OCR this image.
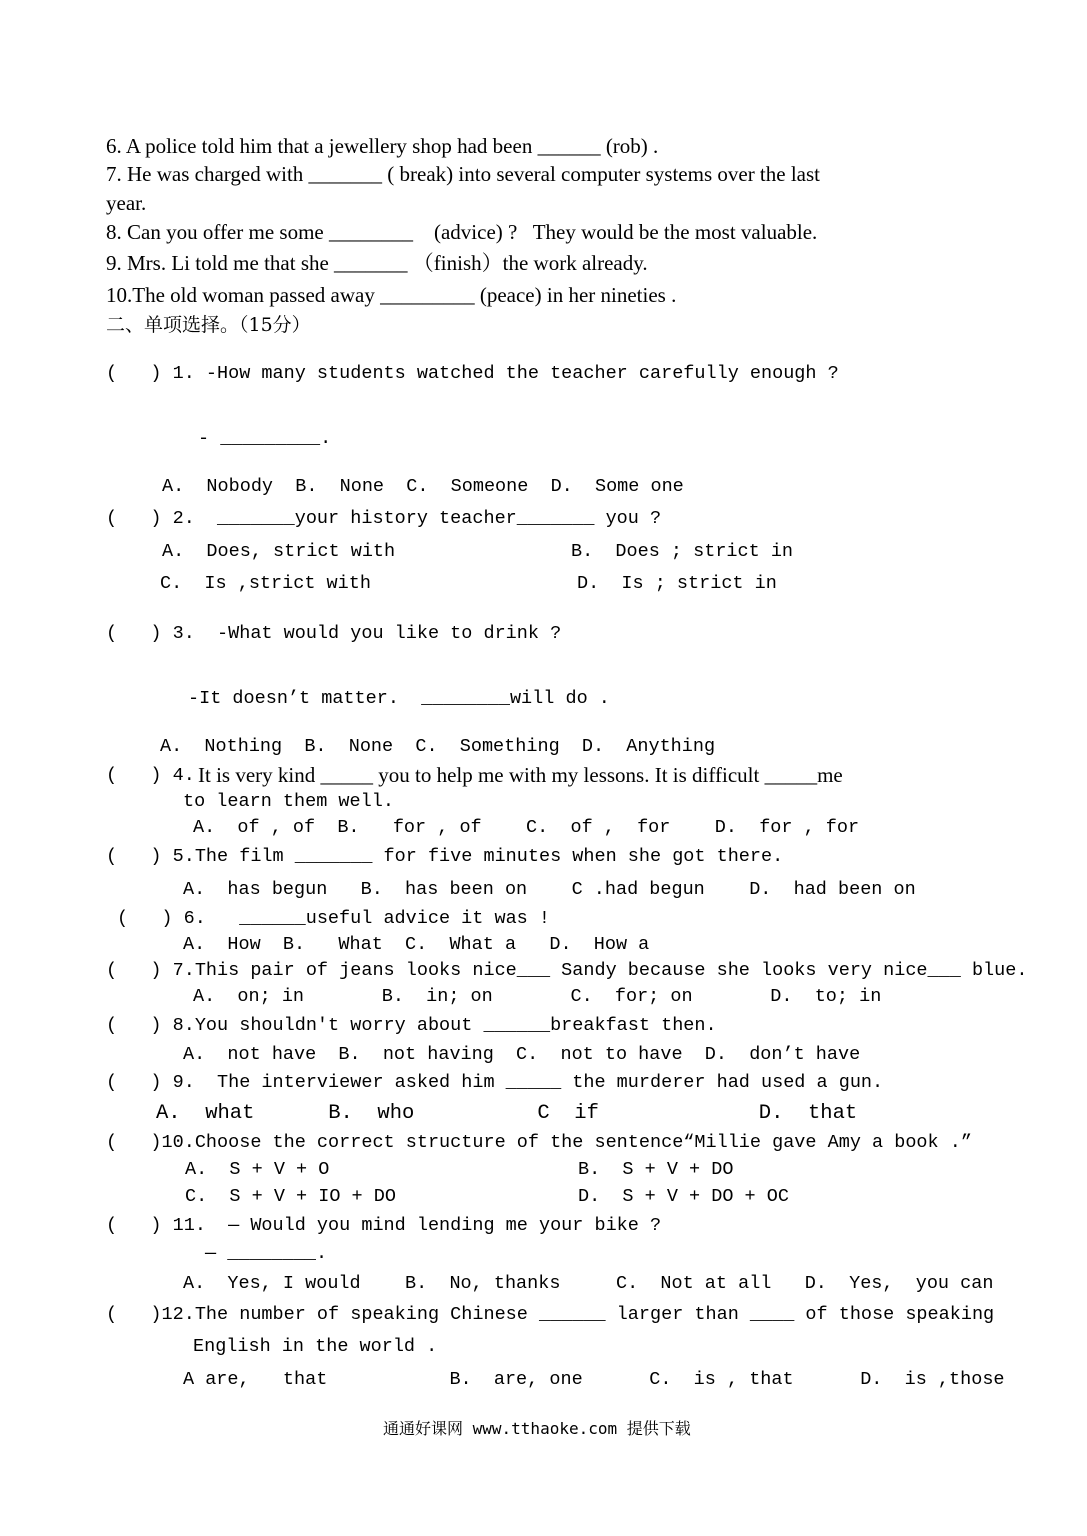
6. A police told him that a jewellery shop had been ______ (rob) .
7. He was charged with _______ ( break) into several computer systems over the last
year.
8. Can you offer me some ________    (advice) ?   They would be the most valuable.
9. Mrs. Li told me that she _______ （finish）the work already.
10.The old woman passed away _________ (peace) in her nineties .
二、单项选择。（15分）
(   ) 1. -How many students watched the teacher carefully enough ?
- _________.
A.  Nobody  B.  None  C.  Someone  D.  Some one
(   ) 2.  _______your history teacher_______ you ?
A.  Does, strict with	B.  Does ; strict in
C.  Is ,strict with	D.  Is ; strict in
(   ) 3.  -What would you like to drink ?
-It doesn’t matter.  ________will do .
A.  Nothing  B.  None  C.  Something  D.  Anything
(   ) 4. It is very kind _____ you to help me with my lessons. It is difficult _____me
to learn them well.
A.  of , of  B.   for , of    C.  of ,  for    D.  for , for
(   ) 5.The film _______ for five minutes when she got there.
A.  has begun   B.  has been on    C .had begun    D.  had been on
(   ) 6.   ______useful advice it was !
A.  How  B.   What  C.  What a   D.  How a
(   ) 7.This pair of jeans looks nice___ Sandy because she looks very nice___ blue.
A.  on; in       B.  in; on       C.  for; on       D.  to; in
(   ) 8.You shouldn't worry about ______breakfast then.
A.  not have  B.  not having  C.  not to have  D.  don’t have
(   ) 9.  The interviewer asked him _____ the murderer had used a gun.
A.  what      B.  who          C  if             D.  that
(   )10.Choose the correct structure of the sentence“Millie gave Amy a book .”
A.  S + V + O	B.  S + V + DO
C.  S + V + IO + DO	D.  S + V + DO + OC
(   ) 11.  — Would you mind lending me your bike ?
— ________.
A.  Yes, I would    B.  No, thanks     C.  Not at all   D.  Yes,  you can
(   )12.The number of speaking Chinese ______ larger than ____ of those speaking
English in the world .
A are,   that           B.  are, one      C.  is , that      D.  is ,those
通通好课网 www.tthaoke.com 提供下载
